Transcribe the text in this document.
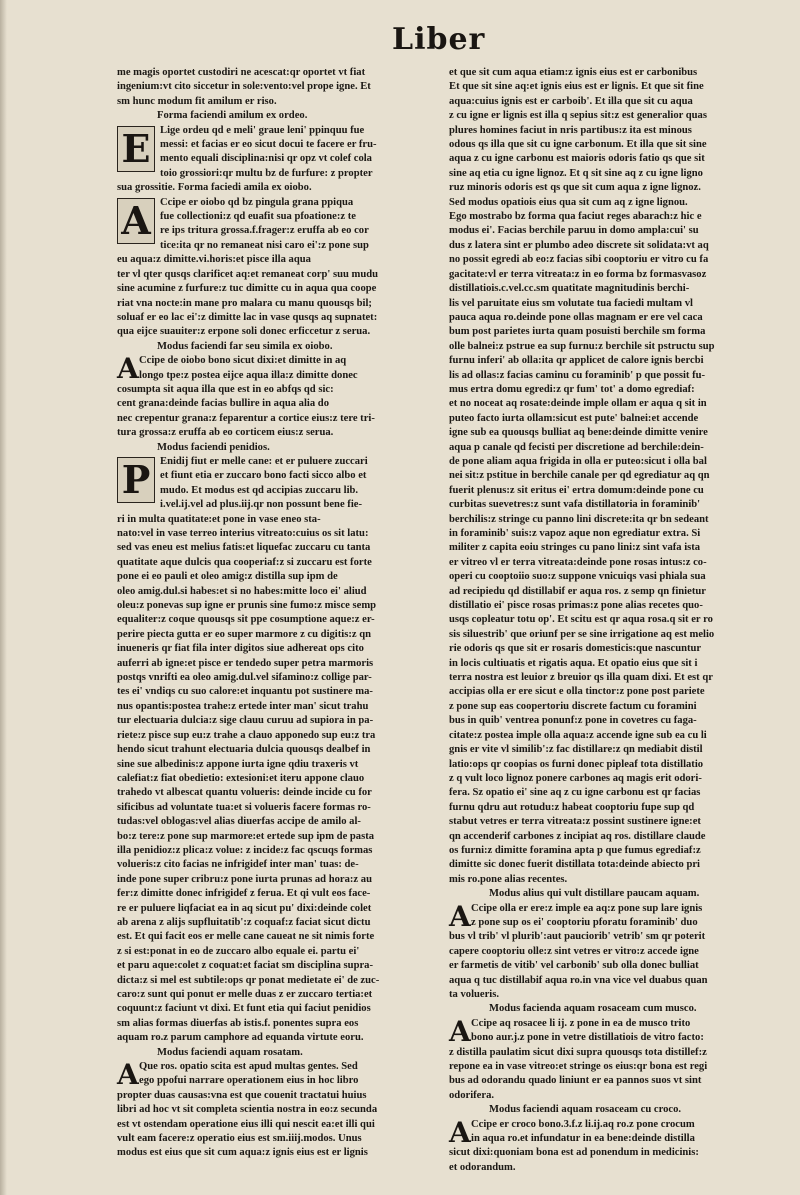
Liber
me magis oportet custodiri ne acescat:qr oportet vt fiat
ingenium:vt cito siccetur in sole:vento:vel prope igne. Et
sm hunc modum fit amilum er riso.
Forma faciendi amilum ex ordeo.
E Lige ordeu qd e meli' graue leni' ppinquu fue
messi: et facias er eo sicut docui te facere er fru-
mento equali disciplina:nisi qr opz vt colef cola
toio grossiori:qr multu bz de furfure: z propter
sua grossitie. Forma faciedi amila ex oiobo.
A Ccipe er oiobo qd bz pingula grana ppiqua
fue collectioni:z qd euafit sua pfoatione:z te
re ips tritura grossa.f.frager:z eruffa ab eo cor
tice:ita qr no remaneat nisi caro ei':z pone sup
eu aqua:z dimitte.vi.horis:et pisce illa aqua
ter vl qter qusqs clarificet aq:et remaneat corp' suu mudu
sine acumine z furfure:z tuc dimitte cu in aqua qua coope
riat vna nocte:in mane pro malara cu manu quousqs bil;
soluaf er eo lac ei':z dimitte lac in vase qusqs aq supnatet:
qua eijce suauiter:z erpone soli donec erficcetur z serua.
Modus faciendi far seu simila ex oiobo.
A Ccipe de oiobo bono sicut dixi:et dimitte in aq
longo tpe:z postea eijce aqua illa:z dimitte donec
cosumpta sit aqua illa que est in eo abfqs qd sic:
cent grana:deinde facias bullire in aqua alia do
nec crepentur grana:z feparentur a cortice eius:z tere tri-
tura grossa:z eruffa ab eo corticem eius:z serua.
Modus faciendi penidios.
P Enidij fiut er melle cane: et er puluere zuccari
et fiunt etia er zuccaro bono facti sicco albo et
mudo. Et modus est qd accipias zuccaru lib.
i.vel.ij.vel ad plus.iij.qr non possunt bene fie-
ri in multa quatitate:et pone in vase eneo sta-
nato:vel in vase terreo interius vitreato:cuius os sit latu:
sed vas eneu est melius fatis:et liquefac zuccaru cu tanta
quatitate aque dulcis qua cooperiaf:z si zuccaru est forte
pone ei eo pauli et oleo amig:z distilla sup ipm de
oleo amig.dul.si habes:et si no habes:mitte loco ei' aliud
oleu:z ponevas sup igne er prunis sine fumo:z misce semp
equaliter:z coque quousqs sit ppe cosumptione aque:z er-
perire piecta gutta er eo super marmore z cu digitis:z qn
inueneris qr fiat fila inter digitos siue adhereat ops cito
auferri ab igne:et pisce er tendedo super petra marmoris
postqs vnrifti ea oleo amig.dul.vel sifamino:z collige par-
tes ei' vndiqs cu suo calore:et inquantu pot sustinere ma-
nus opantis:postea trahe:z ertede inter man' sicut trahu
tur electuaria dulcia:z sige clauu curuu ad supiora in pa-
riete:z pisce sup eu:z trahe a clauo apponedo sup eu:z tra
hendo sicut trahunt electuaria dulcia quousqs dealbef in
sine sue albedinis:z appone iurta igne qdiu traxeris vt
calefiat:z fiat obedietio: extesioni:et iteru appone clauo
trahedo vt albescat quantu volueris: deinde incide cu for
sificibus ad voluntate tua:et si volueris facere formas ro-
tudas:vel oblogas:vel alias diuerfas accipe de amilo al-
bo:z tere:z pone sup marmore:et ertede sup ipm de pasta
illa penidioz:z plica:z volue: z incide:z fac qscuqs formas
volueris:z cito facias ne infrigidef inter man' tuas: de-
inde pone super cribru:z pone iurta prunas ad hora:z au
fer:z dimitte donec infrigidef z ferua. Et qi vult eos face-
re er puluere liqfaciat ea in aq sicut pu' dixi:deinde colet
ab arena z alijs supfluitatib':z coquaf:z faciat sicut dictu
est. Et qui facit eos er melle cane caueat ne sit nimis forte
z si est:ponat in eo de zuccaro albo equale ei. partu ei'
et paru aque:colet z coquat:et faciat sm disciplina supra-
dicta:z si mel est subtile:ops qr ponat medietate ei' de zuc-
caro:z sunt qui ponut er melle duas z er zuccaro tertia:et
coquunt:z faciunt vt dixi. Et funt etia qui faciut penidios
sm alias formas diuerfas ab istis.f. ponentes supra eos
aquam ro.z parum camphore ad equanda virtute eoru.
Modus faciendi aquam rosatam.
A Que ros. opatio scita est apud multas gentes. Sed
ego ppofui narrare operationem eius in hoc libro
propter duas causas:vna est que couenit tractatui huius
libri ad hoc vt sit completa scientia nostra in eo:z secunda
est vt ostendam operatione eius illi qui nescit ea:et illi qui
vult eam facere:z operatio eius est sm.iiij.modos. Unus
modus est eius que sit cum aqua:z ignis eius est er lignis
et que sit cum aqua etiam:z ignis eius est er carbonibus
Et que sit sine aq:et ignis eius est er lignis. Et que sit fine
aqua:cuius ignis est er carboib'. Et illa que sit cu aqua
z cu igne er lignis est illa q sepius sit:z est generalior quas
plures homines faciut in nris partibus:z ita est minous
odous qs illa que sit cu igne carbonum. Et illa que sit sine
aqua z cu igne carbonu est maioris odoris fatio qs que sit
sine aq etia cu igne lignoz. Et q sit sine aq z cu igne ligno
ruz minoris odoris est qs que sit cum aqua z igne lignoz.
Sed modus opatiois eius qua sit cum aq z igne lignou.
Ego mostrabo bz forma qua faciut reges abarach:z hic e
modus ei'. Facias berchile paruu in domo ampla:cui' su
dus z latera sint er plumbo adeo discrete sit solidata:vt aq
no possit egredi ab eo:z facias sibi cooptoriu er vitro cu fa
gacitate:vl er terra vitreata:z in eo forma bz formasvasoz
distillatiois.c.vel.cc.sm quatitate magnitudinis berchi-
lis vel paruitate eius sm volutate tua faciedi multam vl
pauca aqua ro.deinde pone ollas magnam er ere vel caca
bum post parietes iurta quam posuisti berchile sm forma
olle balnei:z pstrue ea sup furnu:z berchile sit pstructu sup
furnu inferi' ab olla:ita qr applicet de calore ignis bercbi
lis ad ollas:z facias caminu cu foraminib' p que possit fu-
mus ertra domu egredi:z qr fum' tot' a domo egrediaf:
et no noceat aq rosate:deinde imple ollam er aqua q sit in
puteo facto iurta ollam:sicut est pute' balnei:et accende
igne sub ea quousqs bulliat aq bene:deinde dimitte venire
aqua p canale qd fecisti per discretione ad berchile:dein-
de pone aliam aqua frigida in olla er puteo:sicut i olla bal
nei sit:z pstitue in berchile canale per qd egrediatur aq qn
fuerit plenus:z sit eritus ei' ertra domum:deinde pone cu
curbitas suevetres:z sunt vafa distillatoria in foraminib'
berchilis:z stringe cu panno lini discrete:ita qr bn sedeant
in foraminib' suis:z vapoz aque non egrediatur extra. Si
militer z capita eoiu stringes cu pano lini:z sint vafa ista
er vitreo vl er terra vitreata:deinde pone rosas intus:z co-
operi cu cooptoiio suo:z suppone vnicuiqs vasi phiala sua
ad recipiedu qd distillabif er aqua ros. z semp qn finietur
distillatio ei' pisce rosas primas:z pone alias recetes quo-
usqs copleatur totu op'. Et scitu est qr aqua rosa.q sit er ro
sis siluestrib' que oriunf per se sine irrigatione aq est melio
rie odoris qs que sit er rosaris domesticis:que nascuntur
in locis cultiuatis et rigatis aqua. Et opatio eius que sit i
terra nostra est leuior z breuior qs illa quam dixi. Et est qr
accipias olla er ere sicut e olla tinctor:z pone post pariete
z pone sup eas coopertoriu discrete factum cu foramini
bus in quib' ventrea ponunf:z pone in covetres cu faga-
citate:z postea imple olla aqua:z accende igne sub ea cu li
gnis er vite vl similib':z fac distillare:z qn mediabit distil
latio:ops qr coopias os furni donec pipleaf tota distillatio
z q vult loco lignoz ponere carbones aq magis erit odori-
fera. Sz opatio ei' sine aq z cu igne carbonu est qr facias
furnu qdru aut rotudu:z habeat cooptoriu fupe sup qd
stabut vetres er terra vitreata:z possint sustinere igne:et
qn accenderif carbones z incipiat aq ros. distillare claude
os furni:z dimitte foramina apta p que fumus egrediaf:z
dimitte sic donec fuerit distillata tota:deinde abiecto pri
mis ro.pone alias recentes.
Modus alius qui vult distillare paucam aquam.
A Ccipe olla er ere:z imple ea aq:z pone sup lare ignis
z pone sup os ei' cooptoriu pforatu foraminib' duo
bus vl trib' vl plurib':aut pauciorib' vetrib' sm qr poterit
capere cooptoriu olle:z sint vetres er vitro:z accede igne
er farmetis de vitib' vel carbonib' sub olla donec bulliat
aqua q tuc distillabif aqua ro.in vna vice vel duabus quan
ta volueris.
Modus facienda aquam rosaceam cum musco.
A Ccipe aq rosacee li ij. z pone in ea de musco trito
bono aur.j.z pone in vetre distillatiois de vitro facto:
z distilla paulatim sicut dixi supra quousqs tota distillef:z
repone ea in vase vitreo:et stringe os eius:qr bona est regi
bus ad odorandu quado liniunt er ea pannos suos vt sint
odorifera.
Modus faciendi aquam rosaceam cu croco.
A Ccipe er croco bono.3.f.z li.ij.aq ro.z pone crocum
in aqua ro.et infundatur in ea bene:deinde distilla
sicut dixi:quoniam bona est ad ponendum in medicinis:
et odorandum.
